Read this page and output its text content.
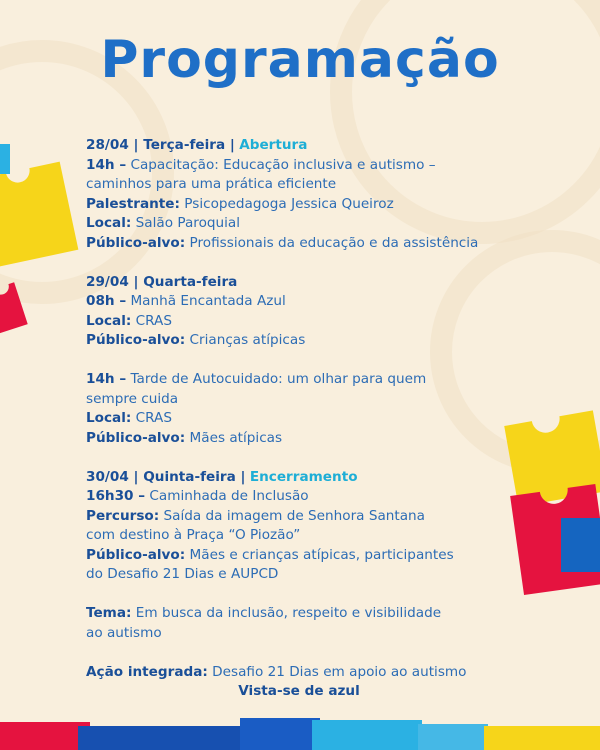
Programação
28/04 | Terça-feira | Abertura
14h – Capacitação: Educação inclusiva e autismo –
caminhos para uma prática eficiente
Palestrante: Psicopedagoga Jessica Queiroz
Local: Salão Paroquial
Público-alvo: Profissionais da educação e da assistência
29/04 | Quarta-feira
08h – Manhã Encantada Azul
Local: CRAS
Público-alvo: Crianças atípicas
14h – Tarde de Autocuidado: um olhar para quem
sempre cuida
Local: CRAS
Público-alvo: Mães atípicas
30/04 | Quinta-feira | Encerramento
16h30 – Caminhada de Inclusão
Percurso: Saída da imagem de Senhora Santana
com destino à Praça “O Piozão”
Público-alvo: Mães e crianças atípicas, participantes
do Desafio 21 Dias e AUPCD
Tema: Em busca da inclusão, respeito e visibilidade
ao autismo
Ação integrada: Desafio 21 Dias em apoio ao autismo
Vista-se de azul
